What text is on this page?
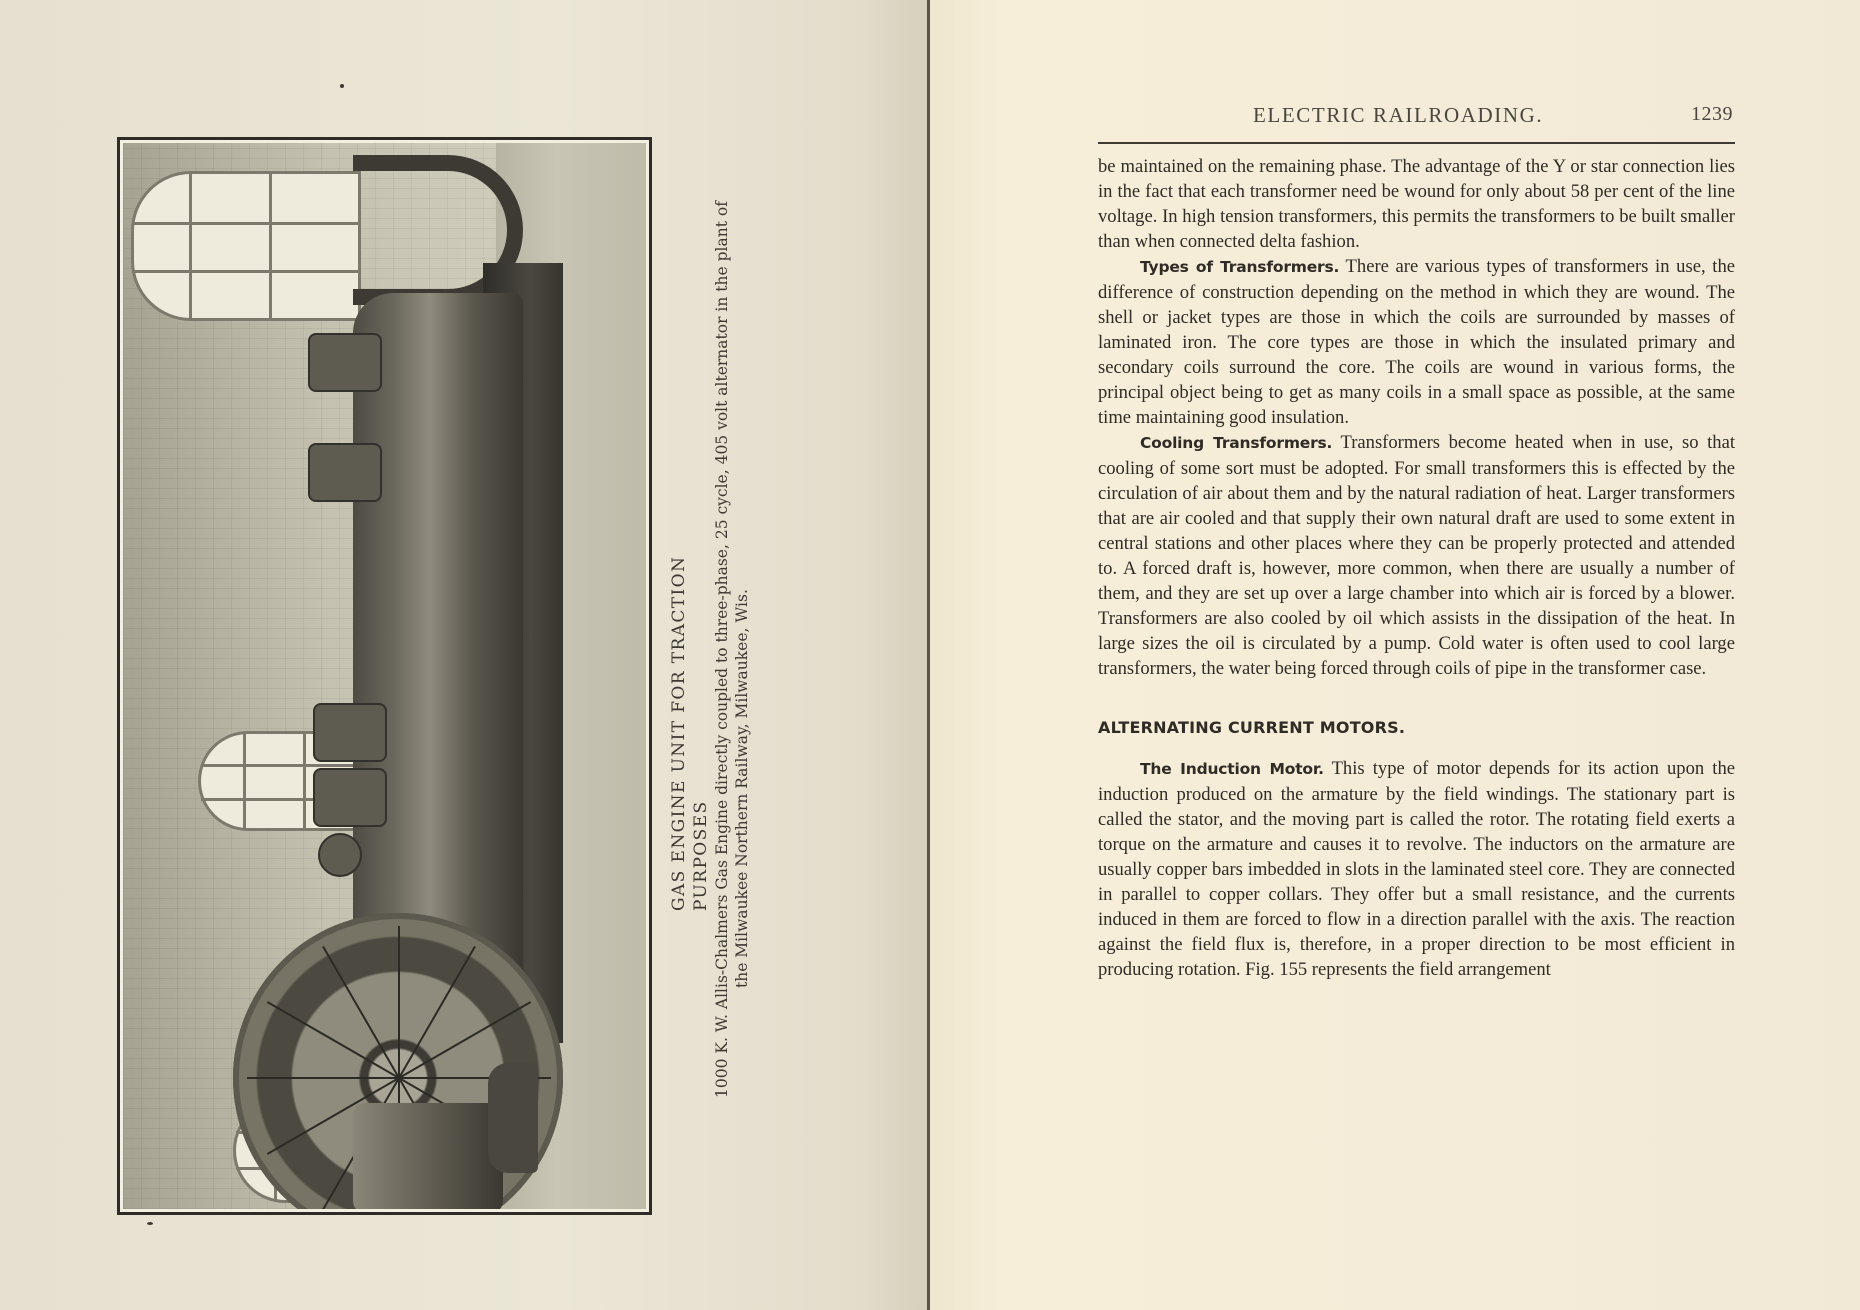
GAS ENGINE UNIT FOR TRACTION PURPOSES 1000 K. W. Allis-Chalmers Gas Engine directly coupled to three-phase, 25 cycle, 405 volt alternator in the plant of the Milwaukee Northern Railway, Milwaukee, Wis.
ELECTRIC RAILROADING.	1239

be maintained on the remaining phase. The advantage of the Y or star connection lies in the fact that each transformer need be wound for only about 58 per cent of the line voltage. In high tension transformers, this permits the transformers to be built smaller than when connected delta fashion.

Types of Transformers. There are various types of transformers in use, the difference of construction depending on the method in which they are wound. The shell or jacket types are those in which the coils are surrounded by masses of laminated iron. The core types are those in which the insulated primary and secondary coils surround the core. The coils are wound in various forms, the principal object being to get as many coils in a small space as possible, at the same time maintaining good insulation.

Cooling Transformers. Transformers become heated when in use, so that cooling of some sort must be adopted. For small transformers this is effected by the circulation of air about them and by the natural radiation of heat. Larger transformers that are air cooled and that supply their own natural draft are used to some extent in central stations and other places where they can be properly protected and attended to. A forced draft is, however, more common, when there are usually a number of them, and they are set up over a large chamber into which air is forced by a blower. Transformers are also cooled by oil which assists in the dissipation of the heat. In large sizes the oil is circulated by a pump. Cold water is often used to cool large transformers, the water being forced through coils of pipe in the transformer case.

ALTERNATING CURRENT MOTORS.

The Induction Motor. This type of motor depends for its action upon the induction produced on the armature by the field windings. The stationary part is called the stator, and the moving part is called the rotor. The rotating field exerts a torque on the armature and causes it to revolve. The inductors on the armature are usually copper bars imbedded in slots in the laminated steel core. They are connected in parallel to copper collars. They offer but a small resistance, and the currents induced in them are forced to flow in a direction parallel with the axis. The reaction against the field flux is, therefore, in a proper direction to be most efficient in producing rotation. Fig. 155 represents the field arrangement
